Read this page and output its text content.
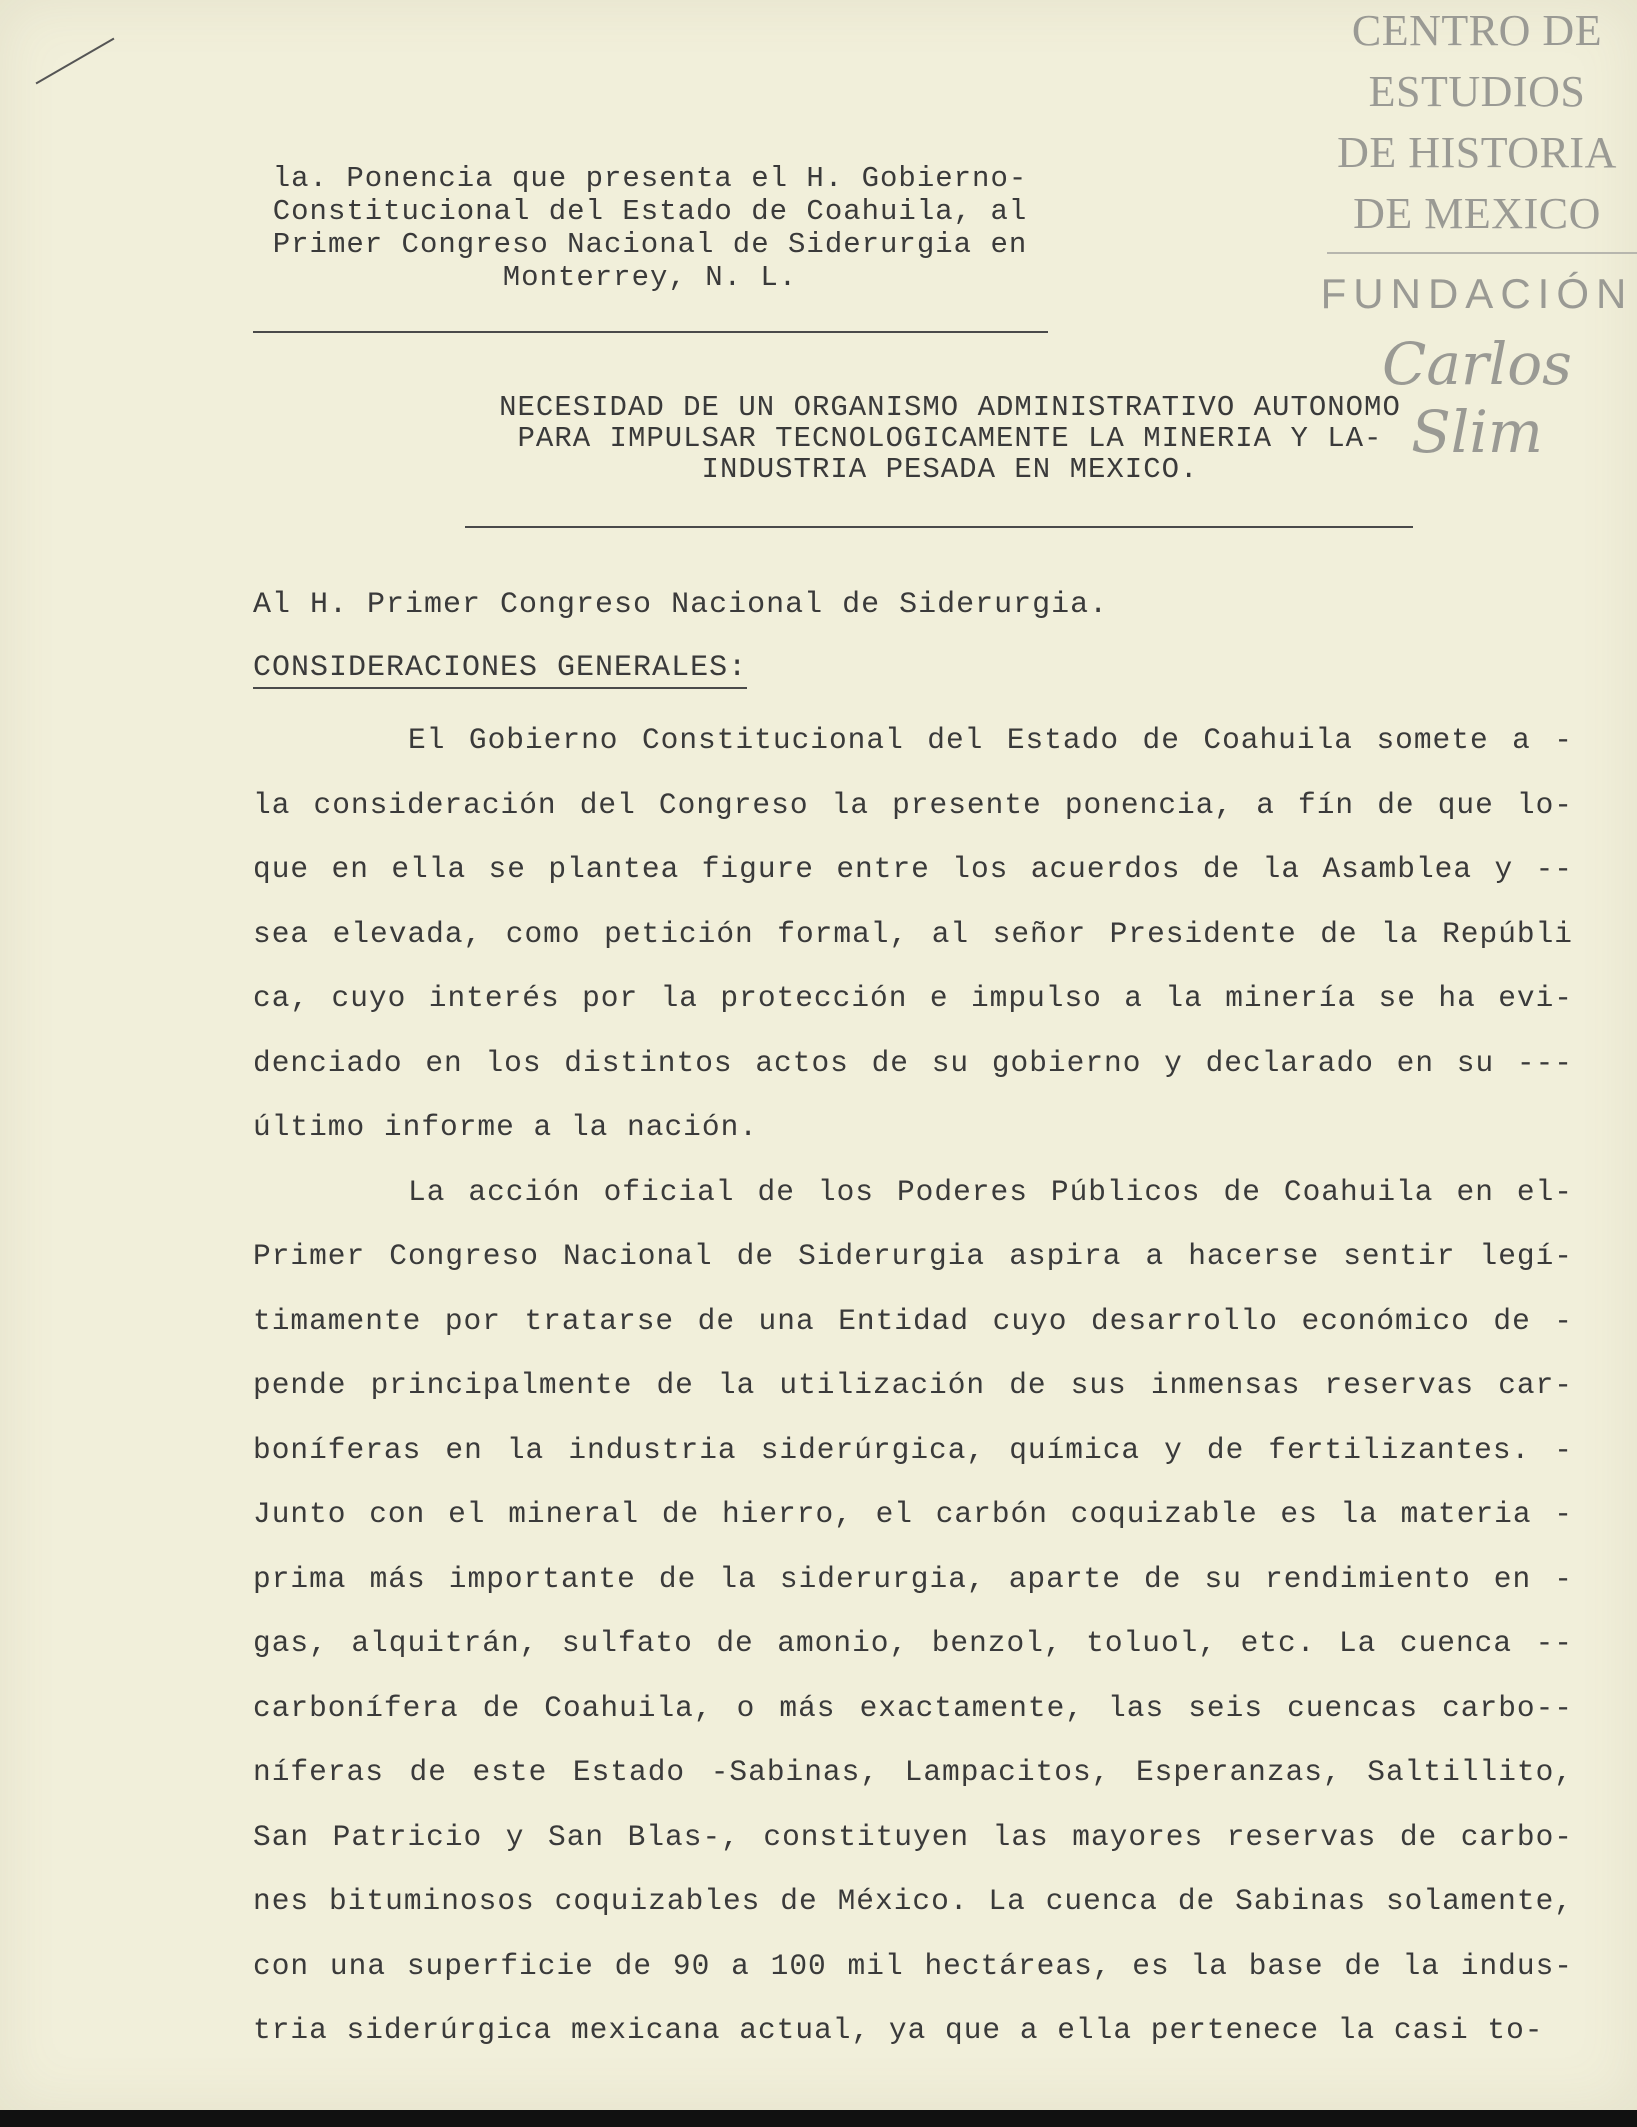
CENTRO DE
ESTUDIOS
DE HISTORIA
DE MEXICO
FUNDACIÓN
Carlos Slim
la. Ponencia que presenta el H. Gobierno-
Constitucional del Estado de Coahuila, al
Primer Congreso Nacional de Siderurgia en
Monterrey, N. L.
NECESIDAD DE UN ORGANISMO ADMINISTRATIVO AUTONOMO
PARA IMPULSAR TECNOLOGICAMENTE LA MINERIA Y LA-
INDUSTRIA PESADA EN MEXICO.
Al H. Primer Congreso Nacional de Siderurgia.
CONSIDERACIONES GENERALES:

El Gobierno Constitucional del Estado de Coahuila somete a - la consideración del Congreso la presente ponencia, a fín de que lo- que en ella se plantea figure entre los acuerdos de la Asamblea y -- sea elevada, como petición formal, al señor Presidente de la Repúbli ca, cuyo interés por la protección e impulso a la minería se ha evi- denciado en los distintos actos de su gobierno y declarado en su --- último informe a la nación.

La acción oficial de los Poderes Públicos de Coahuila en el- Primer Congreso Nacional de Siderurgia aspira a hacerse sentir legí- timamente por tratarse de una Entidad cuyo desarrollo económico de - pende principalmente de la utilización de sus inmensas reservas car- boníferas en la industria siderúrgica, química y de fertilizantes. - Junto con el mineral de hierro, el carbón coquizable es la materia - prima más importante de la siderurgia, aparte de su rendimiento en - gas, alquitrán, sulfato de amonio, benzol, toluol, etc. La cuenca -- carbonífera de Coahuila, o más exactamente, las seis cuencas carbo-- níferas de este Estado -Sabinas, Lampacitos, Esperanzas, Saltillito, San Patricio y San Blas-, constituyen las mayores reservas de carbo- nes bituminosos coquizables de México. La cuenca de Sabinas solamente, con una superficie de 90 a 100 mil hectáreas, es la base de la indus- tria siderúrgica mexicana actual, ya que a ella pertenece la casi to-
